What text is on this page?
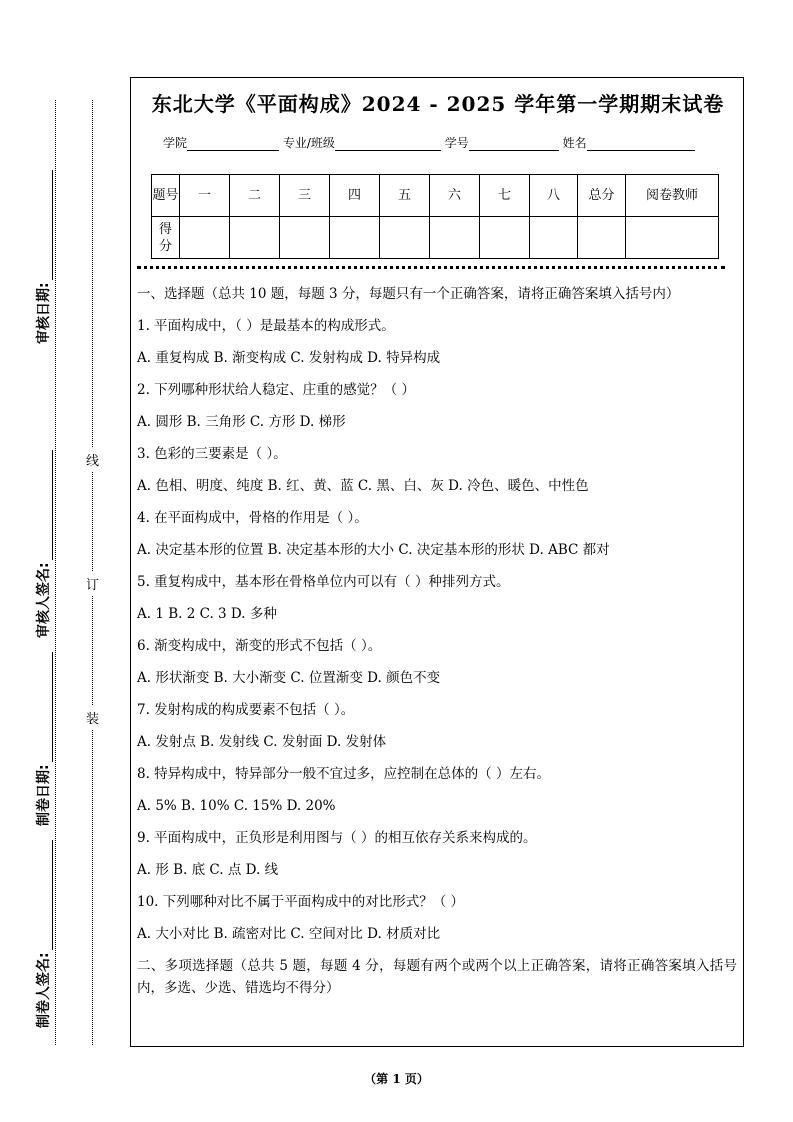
审核日期:
审核人签名:
制卷日期:
制卷人签名:
线
订
装
东北大学《平面构成》2024 - 2025 学年第一学期期末试卷
学院	专业/班级	学号	姓名
题号	一	二	三	四	五	六	七	八	总分	阅卷教师
得分										

一、选择题（总共 10 题，每题 3 分，每题只有一个正确答案，请将正确答案填入括号内）

1. 平面构成中，（ ）是最基本的构成形式。

A. 重复构成 B. 渐变构成 C. 发射构成 D. 特异构成

2. 下列哪种形状给人稳定、庄重的感觉？（ ）

A. 圆形 B. 三角形 C. 方形 D. 梯形

3. 色彩的三要素是（ ）。

A. 色相、明度、纯度 B. 红、黄、蓝 C. 黑、白、灰 D. 冷色、暖色、中性色

4. 在平面构成中，骨格的作用是（ ）。

A. 决定基本形的位置 B. 决定基本形的大小 C. 决定基本形的形状 D. ABC 都对

5. 重复构成中，基本形在骨格单位内可以有（ ）种排列方式。

A. 1 B. 2 C. 3 D. 多种

6. 渐变构成中，渐变的形式不包括（ ）。

A. 形状渐变 B. 大小渐变 C. 位置渐变 D. 颜色不变

7. 发射构成的构成要素不包括（ ）。

A. 发射点 B. 发射线 C. 发射面 D. 发射体

8. 特异构成中，特异部分一般不宜过多，应控制在总体的（ ）左右。

A. 5% B. 10% C. 15% D. 20%

9. 平面构成中，正负形是利用图与（ ）的相互依存关系来构成的。

A. 形 B. 底 C. 点 D. 线

10. 下列哪种对比不属于平面构成中的对比形式？（ ）

A. 大小对比 B. 疏密对比 C. 空间对比 D. 材质对比

二、多项选择题（总共 5 题，每题 4 分，每题有两个或两个以上正确答案，请将正确答案填入括号内，多选、少选、错选均不得分）

（第 1 页）
